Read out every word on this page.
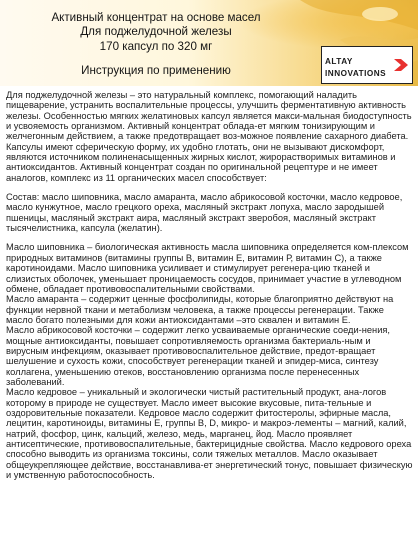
Активный концентрат на основе масел
Для поджелудочной железы
170 капсул по 320 мг
Инструкция по применению
ALTAY
INNOVATIONS

Для поджелудочной железы – это натуральный комплекс, помогающий наладить пищеварение, устранить воспалительные процессы, улучшить ферментативную активность железы. Особенностью мягких желатиновых капсул является макси-мальная биодоступность и усвояемость организмом. Активный концентрат облада-ет мягким тонизирующим и желчегонным действием, а также предотвращает воз-можное появление сахарного диабета.

Капсулы имеют сферическую форму, их удобно глотать, они не вызывают дискомфорт, являются источником полиненасыщенных жирных кислот, жирорастворимых витаминов и антиоксидантов. Активный концентрат создан по оригинальной рецептуре и не имеет аналогов, комплекс из 11 органических масел способствует:

Состав: масло шиповника, масло амаранта, масло абрикосовой косточки, масло кедровое, масло кунжутное, масло грецкого ореха, масляный экстракт лопуха, масло зародышей пшеницы, масляный экстракт аира, масляный экстракт зверобоя, масляный экстракт тысячелистника, капсула (желатин).

Масло шиповника – биологическая активность масла шиповника определяется ком-плексом природных витаминов (витамины группы В, витамин Е, витамин Р, витамин С), а также каротиноидами. Масло шиповника усиливает и стимулирует регенера-цию тканей и слизистых оболочек, уменьшает проницаемость сосудов, принимает участие в углеводном обмене, обладает противовоспалительными свойствами.

Масло амаранта – содержит ценные фосфолипиды, которые благоприятно действуют на функции нервной ткани и метаболизм человека, а также процессы регенерации. Также масло богато полезными для кожи антиоксидантами –это сквален и витамин Е.

Масло абрикосовой косточки – содержит легко усваиваемые органические соеди-нения, мощные антиоксиданты, повышает сопротивляемость организма бактериаль-ным и вирусным инфекциям, оказывает противовоспалительное действие, предот-вращает шелушение и сухость кожи, способствует регенерации тканей и эпидер-миса, синтезу коллагена, уменьшению отеков, восстановлению организма после перенесенных заболеваний.

Масло кедровое – уникальный и экологически чистый растительный продукт, ана-логов которому в природе не существует. Масло имеет высокие вкусовые, пита-тельные и оздоровительные показатели. Кедровое масло содержит фитостеролы, эфирные масла, лецитин, каротиноиды, витамины Е, группы В, D, микро- и макроэ-лементы – магний, калий, натрий, фосфор, цинк, кальций, железо, медь, марганец, йод. Масло проявляет антисептические, противовоспалительные, бактерицидные свойства. Масло кедрового ореха способно выводить из организма токсины, соли тяжелых металлов. Масло оказывает общеукрепляющее действие, восстанавлива-ет энергетический тонус, повышает физическую и умственную работоспособность.
